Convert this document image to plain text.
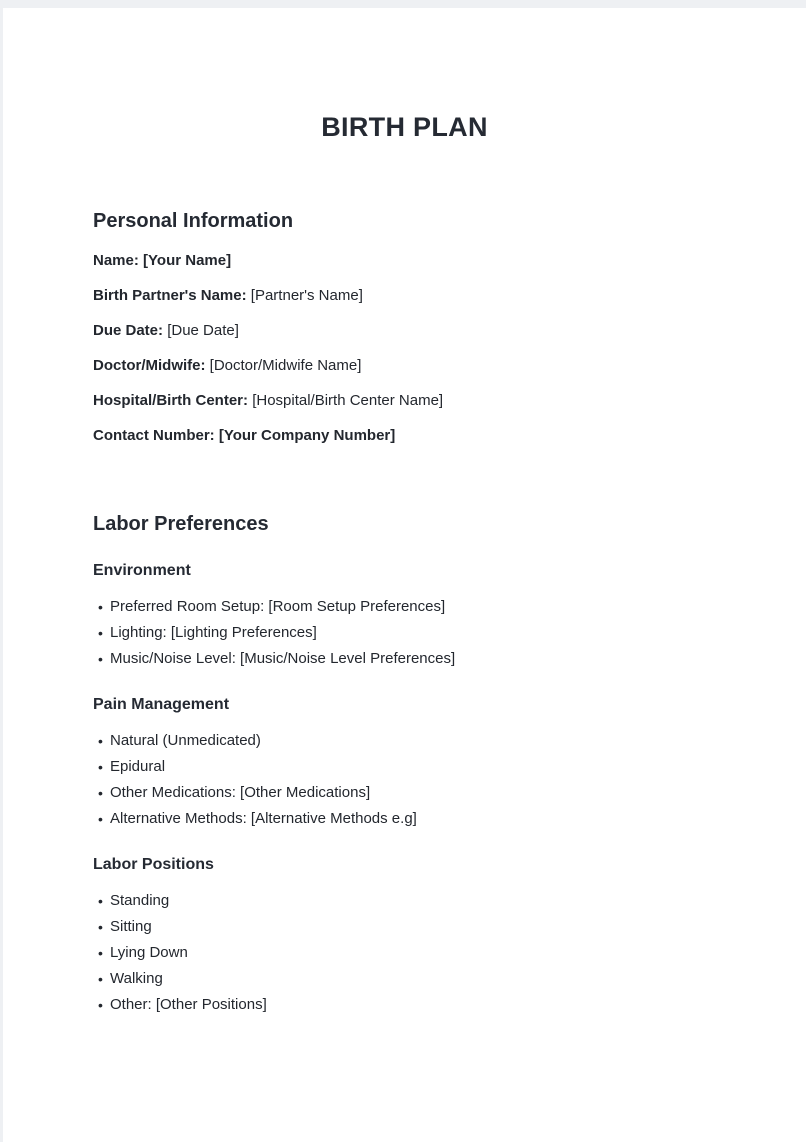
BIRTH PLAN
Personal Information

Name: [Your Name]

Birth Partner's Name: [Partner's Name]

Due Date: [Due Date]

Doctor/Midwife: [Doctor/Midwife Name]

Hospital/Birth Center: [Hospital/Birth Center Name]

Contact Number: [Your Company Number]

Labor Preferences
Environment
• Preferred Room Setup: [Room Setup Preferences]
• Lighting: [Lighting Preferences]
• Music/Noise Level: [Music/Noise Level Preferences]
Pain Management
• Natural (Unmedicated)
• Epidural
• Other Medications: [Other Medications]
• Alternative Methods: [Alternative Methods e.g]
Labor Positions
• Standing
• Sitting
• Lying Down
• Walking
• Other: [Other Positions]
